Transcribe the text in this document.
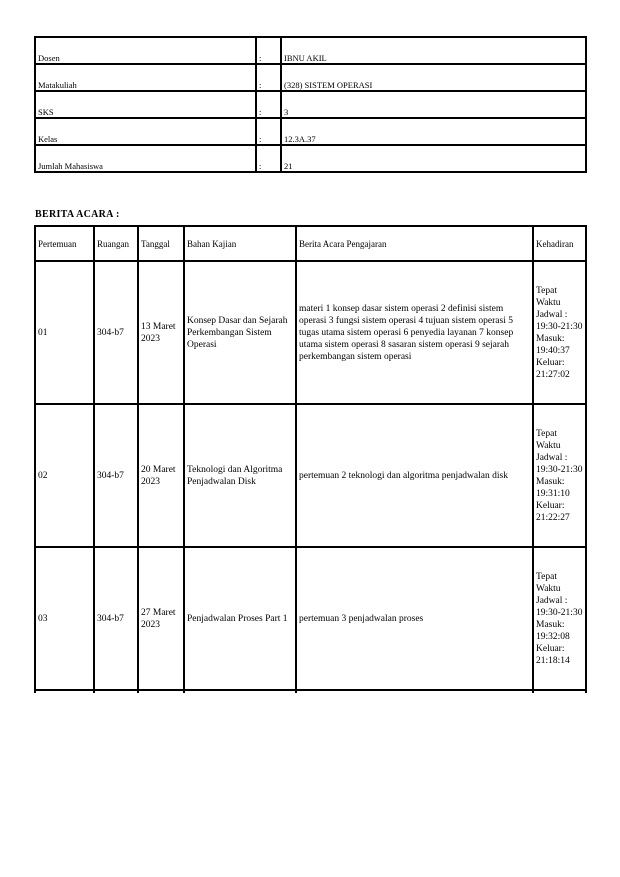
Dosen	:	IBNU AKIL
Matakuliah	:	(328) SISTEM OPERASI
SKS	:	3
Kelas	:	12.3A.37
Jumlah Mahasiswa	:	21
BERITA ACARA :
Pertemuan	Ruangan	Tanggal	Bahan Kajian	Berita Acara Pengajaran	Kehadiran
01	304-b7	13 Maret 2023	Konsep Dasar dan Sejarah Perkembangan Sistem Operasi	materi 1 konsep dasar sistem operasi 2 definisi sistem operasi 3 fungsi sistem operasi 4 tujuan sistem operasi 5 tugas utama sistem operasi 6 penyedia layanan 7 konsep utama sistem operasi 8 sasaran sistem operasi 9 sejarah perkembangan sistem operasi	Tepat Waktu Jadwal : 19:30-21:30 Masuk: 19:40:37 Keluar: 21:27:02
02	304-b7	20 Maret 2023	Teknologi dan Algoritma Penjadwalan Disk	pertemuan 2 teknologi dan algoritma penjadwalan disk	Tepat Waktu Jadwal : 19:30-21:30 Masuk: 19:31:10 Keluar: 21:22:27
03	304-b7	27 Maret 2023	Penjadwalan Proses Part 1	pertemuan 3 penjadwalan proses	Tepat Waktu Jadwal : 19:30-21:30 Masuk: 19:32:08 Keluar: 21:18:14
